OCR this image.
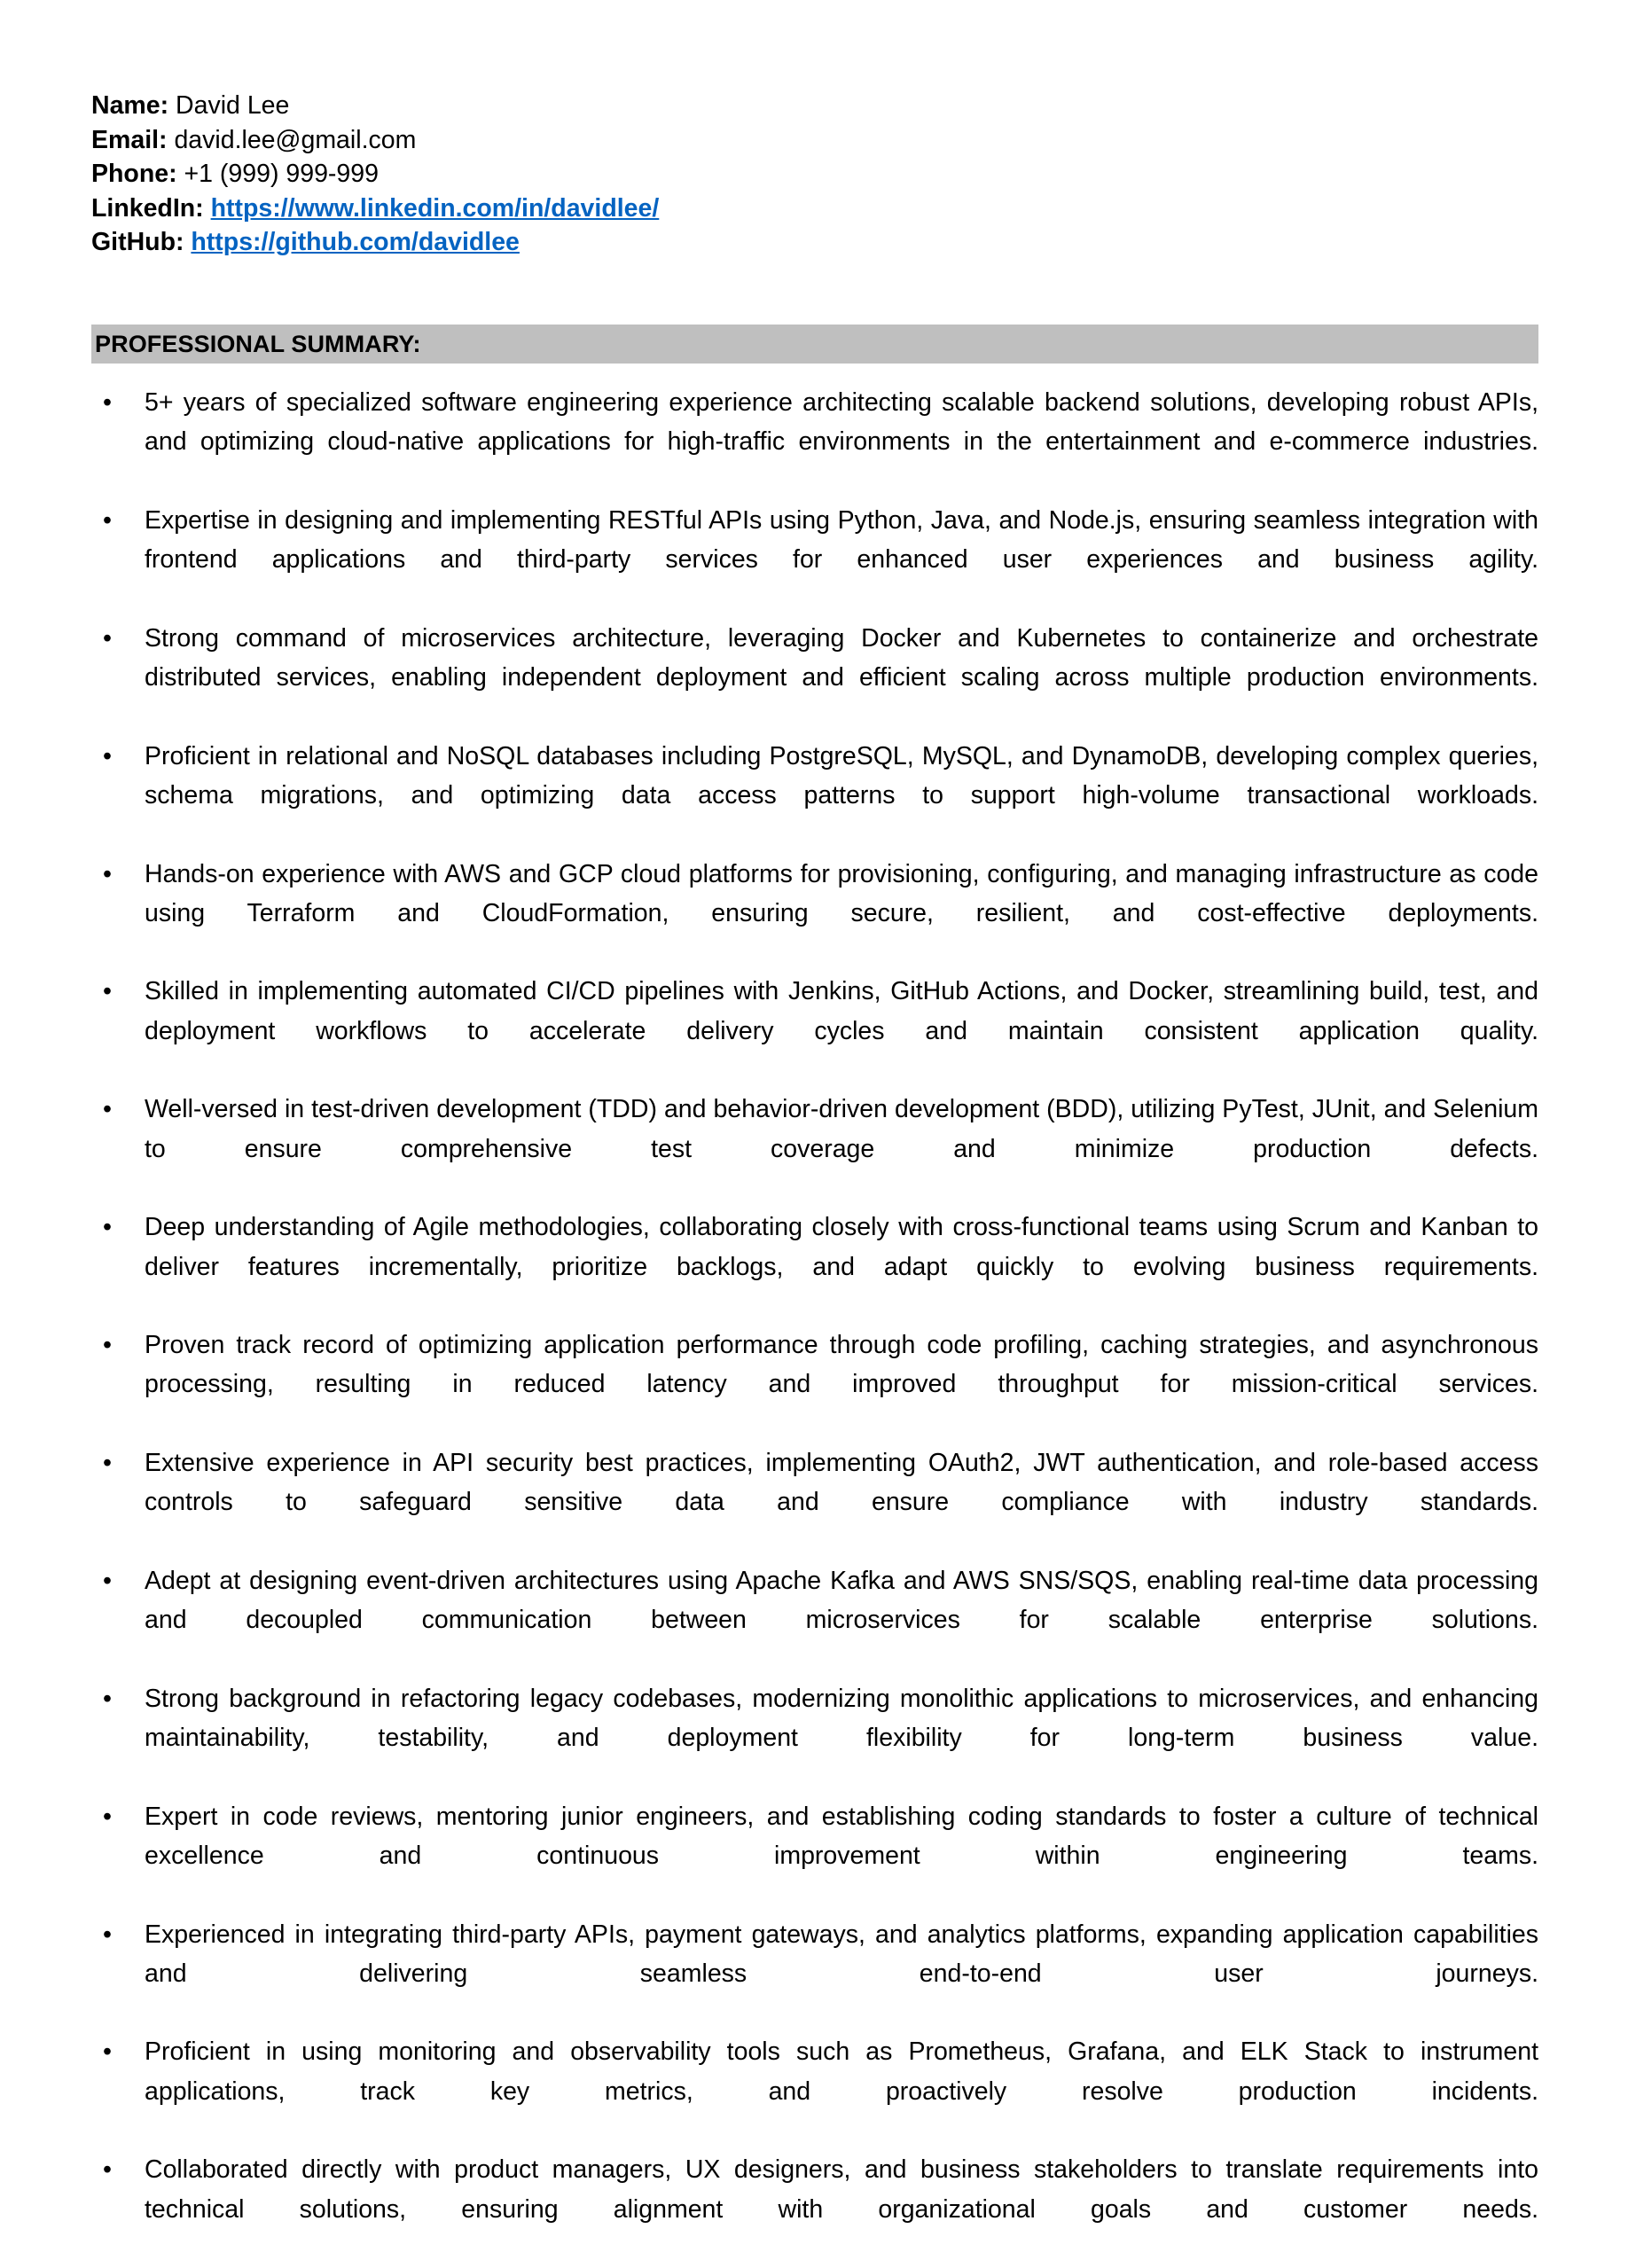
Name: David Lee
Email: david.lee@gmail.com
Phone: +1 (999) 999-999
LinkedIn: https://www.linkedin.com/in/davidlee/
GitHub: https://github.com/davidlee
PROFESSIONAL SUMMARY:
• 5+ years of specialized software engineering experience architecting scalable backend solutions, developing robust APIs, and optimizing cloud-native applications for high-traffic environments in the entertainment and e-commerce industries.
• Expertise in designing and implementing RESTful APIs using Python, Java, and Node.js, ensuring seamless integration with frontend applications and third-party services for enhanced user experiences and business agility.
• Strong command of microservices architecture, leveraging Docker and Kubernetes to containerize and orchestrate distributed services, enabling independent deployment and efficient scaling across multiple production environments.
• Proficient in relational and NoSQL databases including PostgreSQL, MySQL, and DynamoDB, developing complex queries, schema migrations, and optimizing data access patterns to support high-volume transactional workloads.
• Hands-on experience with AWS and GCP cloud platforms for provisioning, configuring, and managing infrastructure as code using Terraform and CloudFormation, ensuring secure, resilient, and cost-effective deployments.
• Skilled in implementing automated CI/CD pipelines with Jenkins, GitHub Actions, and Docker, streamlining build, test, and deployment workflows to accelerate delivery cycles and maintain consistent application quality.
• Well-versed in test-driven development (TDD) and behavior-driven development (BDD), utilizing PyTest, JUnit, and Selenium to ensure comprehensive test coverage and minimize production defects.
• Deep understanding of Agile methodologies, collaborating closely with cross-functional teams using Scrum and Kanban to deliver features incrementally, prioritize backlogs, and adapt quickly to evolving business requirements.
• Proven track record of optimizing application performance through code profiling, caching strategies, and asynchronous processing, resulting in reduced latency and improved throughput for mission-critical services.
• Extensive experience in API security best practices, implementing OAuth2, JWT authentication, and role-based access controls to safeguard sensitive data and ensure compliance with industry standards.
• Adept at designing event-driven architectures using Apache Kafka and AWS SNS/SQS, enabling real-time data processing and decoupled communication between microservices for scalable enterprise solutions.
• Strong background in refactoring legacy codebases, modernizing monolithic applications to microservices, and enhancing maintainability, testability, and deployment flexibility for long-term business value.
• Expert in code reviews, mentoring junior engineers, and establishing coding standards to foster a culture of technical excellence and continuous improvement within engineering teams.
• Experienced in integrating third-party APIs, payment gateways, and analytics platforms, expanding application capabilities and delivering seamless end-to-end user journeys.
• Proficient in using monitoring and observability tools such as Prometheus, Grafana, and ELK Stack to instrument applications, track key metrics, and proactively resolve production incidents.
• Collaborated directly with product managers, UX designers, and business stakeholders to translate requirements into technical solutions, ensuring alignment with organizational goals and customer needs.
